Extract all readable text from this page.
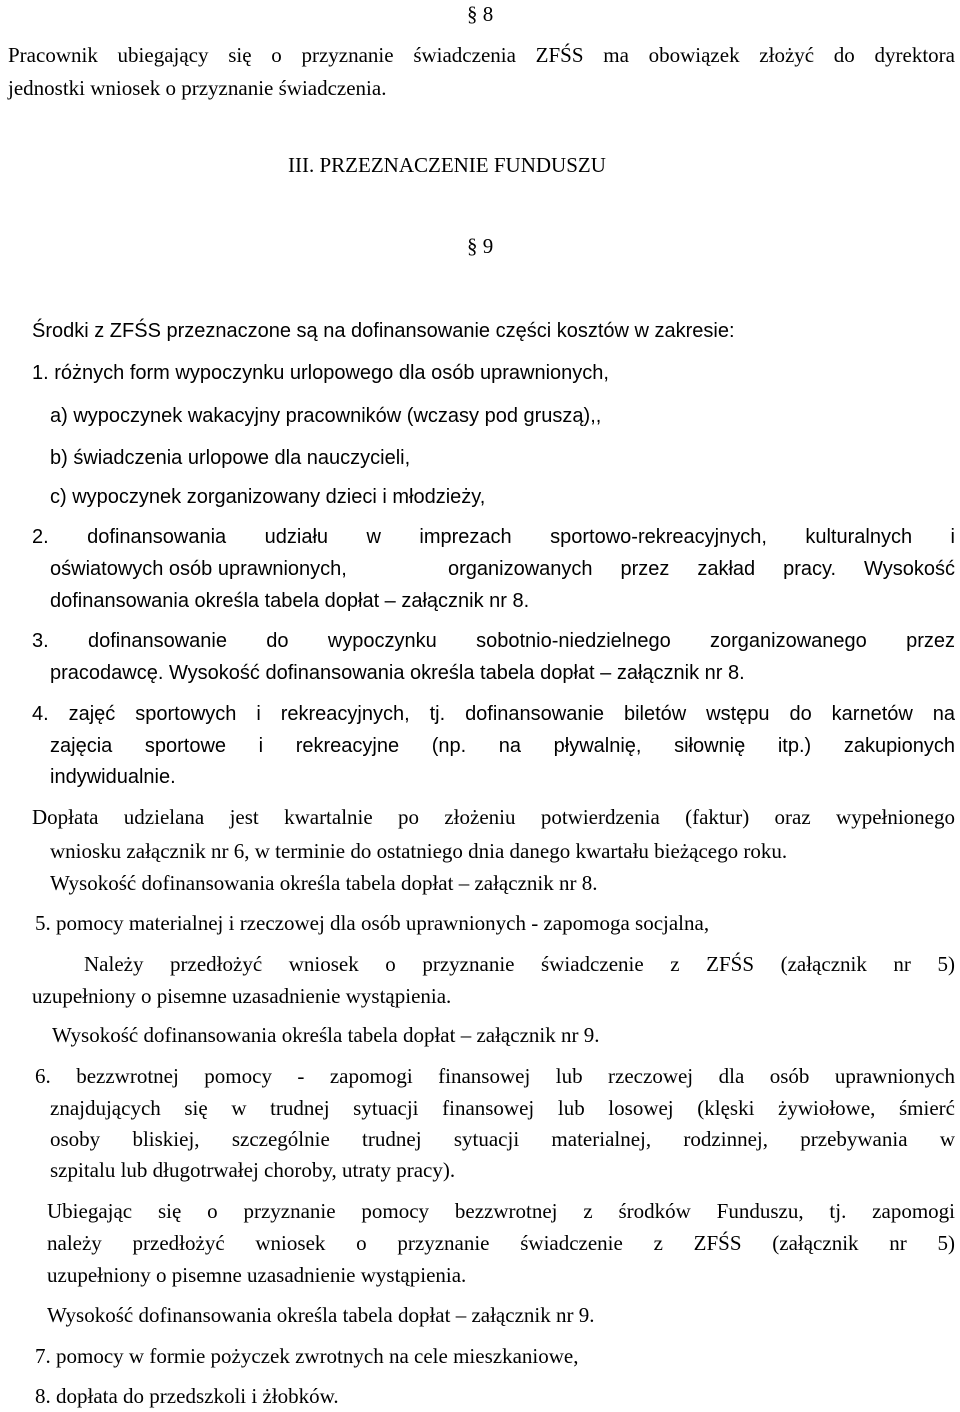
§ 8
Pracownik ubiegający się o przyznanie świadczenia ZFŚS ma obowiązek złożyć do dyrektora
jednostki wniosek o przyznanie świadczenia.
III. PRZEZNACZENIE FUNDUSZU
§ 9
Środki z ZFŚS przeznaczone są na dofinansowanie części kosztów w zakresie:
1. różnych form wypoczynku urlopowego dla osób uprawnionych,
a) wypoczynek wakacyjny pracowników (wczasy pod gruszą),,
b) świadczenia urlopowe dla nauczycieli,
c) wypoczynek zorganizowany dzieci i młodzieży,
2. dofinansowania udziału w imprezach sportowo-rekreacyjnych, kulturalnych i
oświatowych osób uprawnionych,	organizowanych przez zakład pracy. Wysokość
dofinansowania określa tabela dopłat – załącznik nr 8.
3. dofinansowanie do wypoczynku sobotnio-niedzielnego zorganizowanego przez
pracodawcę. Wysokość dofinansowania określa tabela dopłat – załącznik nr 8.
4. zajęć sportowych i rekreacyjnych, tj. dofinansowanie biletów wstępu do karnetów na
zajęcia sportowe i rekreacyjne (np. na pływalnię, siłownię itp.) zakupionych
indywidualnie.
Dopłata udzielana jest kwartalnie po złożeniu potwierdzenia (faktur) oraz wypełnionego
wniosku załącznik nr 6, w terminie do ostatniego dnia danego kwartału bieżącego roku.
Wysokość dofinansowania określa tabela dopłat – załącznik nr 8.
5. pomocy materialnej i rzeczowej dla osób uprawnionych - zapomoga socjalna,
Należy przedłożyć wniosek o przyznanie świadczenie z ZFŚS (załącznik nr 5)
uzupełniony o pisemne uzasadnienie wystąpienia.
Wysokość dofinansowania określa tabela dopłat – załącznik nr 9.
6. bezzwrotnej pomocy - zapomogi finansowej lub rzeczowej dla osób uprawnionych
znajdujących się w trudnej sytuacji finansowej lub losowej (klęski żywiołowe, śmierć
osoby bliskiej, szczególnie trudnej sytuacji materialnej, rodzinnej, przebywania w
szpitalu lub długotrwałej choroby, utraty pracy).
Ubiegając się o przyznanie pomocy bezzwrotnej z środków Funduszu, tj. zapomogi
należy przedłożyć wniosek o przyznanie świadczenie z ZFŚS (załącznik nr 5)
uzupełniony o pisemne uzasadnienie wystąpienia.
Wysokość dofinansowania określa tabela dopłat – załącznik nr 9.
7. pomocy w formie pożyczek zwrotnych na cele mieszkaniowe,
8. dopłata do przedszkoli i żłobków.
